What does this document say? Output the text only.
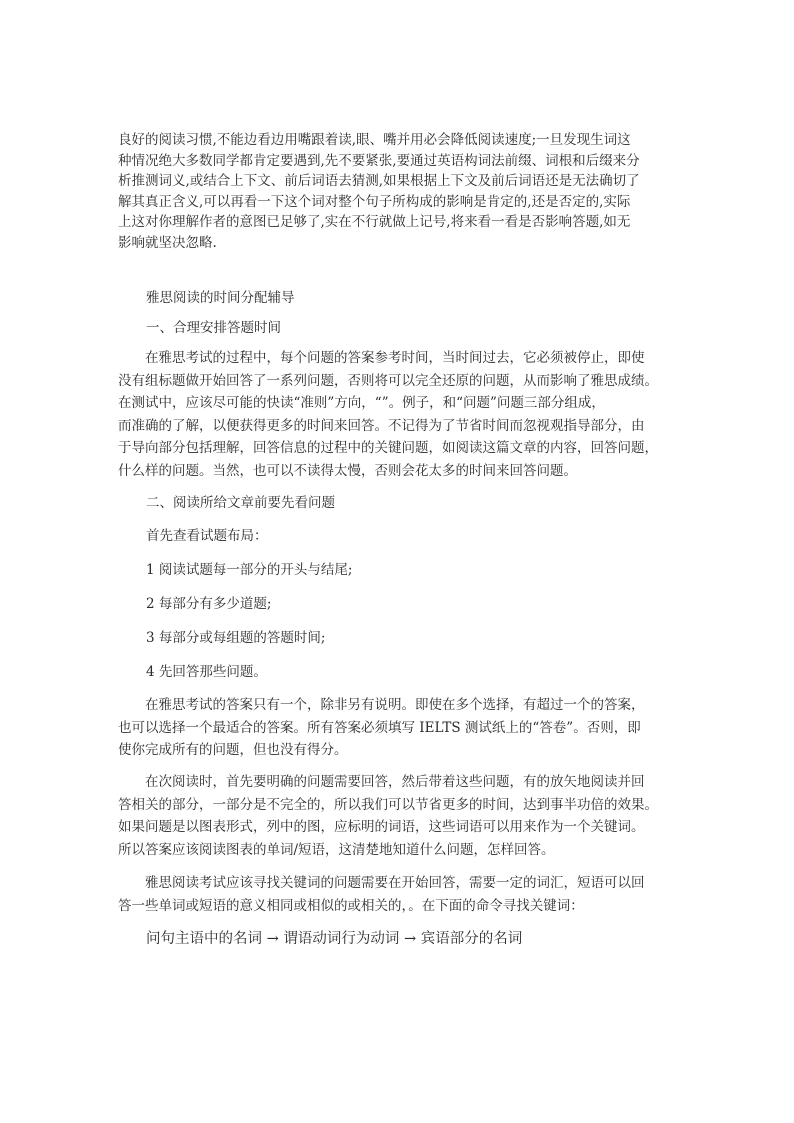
良好的阅读习惯,不能边看边用嘴跟着读,眼、嘴并用必会降低阅读速度;一旦发现生词这
种情况绝大多数同学都肯定要遇到,先不要紧张,要通过英语构词法前缀、词根和后缀来分
析推测词义,或结合上下文、前后词语去猜测,如果根据上下文及前后词语还是无法确切了
解其真正含义,可以再看一下这个词对整个句子所构成的影响是肯定的,还是否定的,实际
上这对你理解作者的意图已足够了,实在不行就做上记号,将来看一看是否影响答题,如无
影响就坚决忽略.
雅思阅读的时间分配辅导
一、合理安排答题时间
在雅思考试的过程中，每个问题的答案参考时间，当时间过去，它必须被停止，即使
没有组标题做开始回答了一系列问题，否则将可以完全还原的问题，从而影响了雅思成绩。
在测试中，应该尽可能的快读“准则”方向，“”。例子，和“问题”问题三部分组成，
而准确的了解，以便获得更多的时间来回答。不记得为了节省时间而忽视观指导部分，由
于导向部分包括理解，回答信息的过程中的关键问题，如阅读这篇文章的内容，回答问题，
什么样的问题。当然，也可以不读得太慢，否则会花太多的时间来回答问题。
二、阅读所给文章前要先看问题
首先查看试题布局：
1 阅读试题每一部分的开头与结尾;
2 每部分有多少道题;
3 每部分或每组题的答题时间;
4 先回答那些问题。
在雅思考试的答案只有一个，除非另有说明。即使在多个选择，有超过一个的答案，
也可以选择一个最适合的答案。所有答案必须填写 IELTS 测试纸上的“答卷”。否则，即
使你完成所有的问题，但也没有得分。
在次阅读时，首先要明确的问题需要回答，然后带着这些问题，有的放矢地阅读并回
答相关的部分，一部分是不完全的，所以我们可以节省更多的时间，达到事半功倍的效果。
如果问题是以图表形式，列中的图，应标明的词语，这些词语可以用来作为一个关键词。
所以答案应该阅读图表的单词/短语，这清楚地知道什么问题，怎样回答。
雅思阅读考试应该寻找关键词的问题需要在开始回答，需要一定的词汇，短语可以回
答一些单词或短语的意义相同或相似的或相关的，。在下面的命令寻找关键词：
问句主语中的名词 → 谓语动词行为动词 → 宾语部分的名词
